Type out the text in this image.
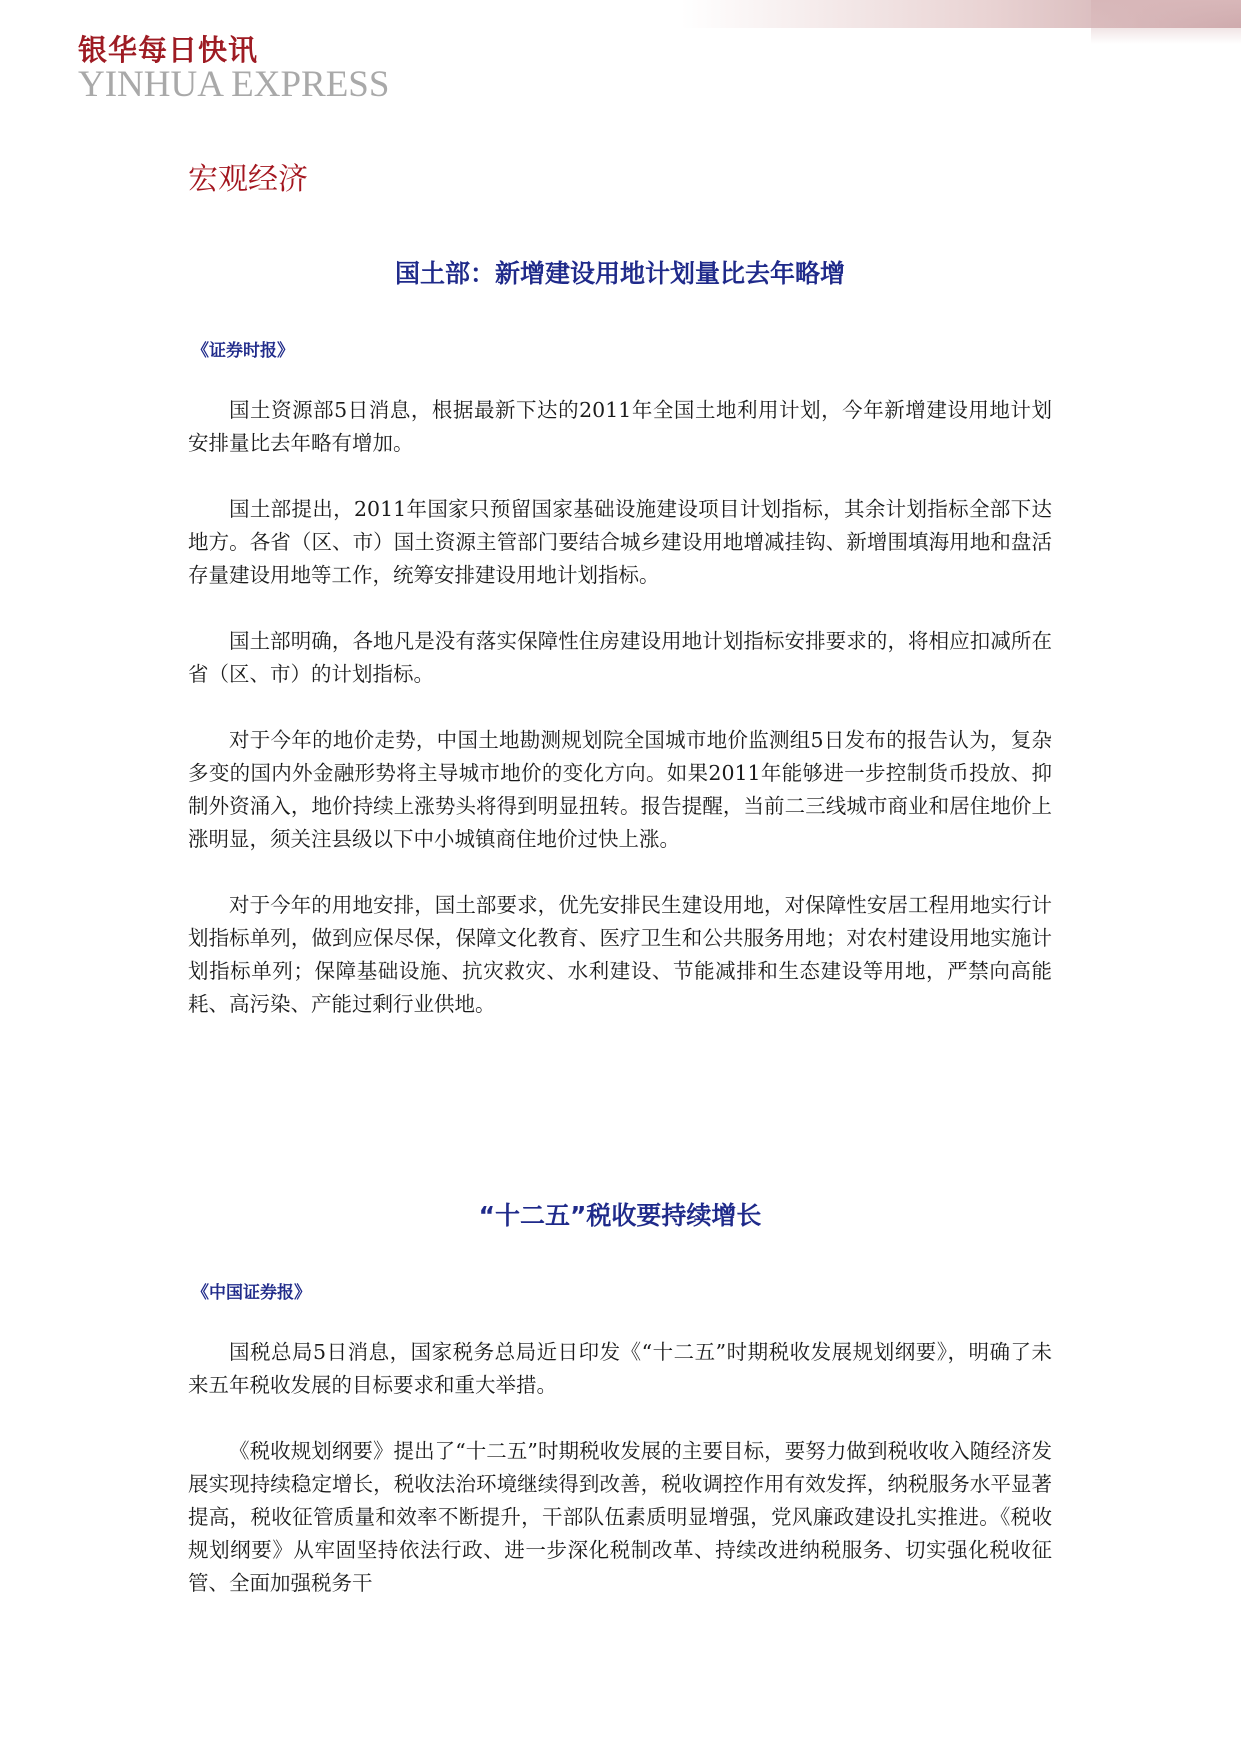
银华每日快讯
YINHUA EXPRESS
宏观经济
国土部：新增建设用地计划量比去年略增
《证券时报》

国土资源部5日消息，根据最新下达的2011年全国土地利用计划，今年新增建设用地计划安排量比去年略有增加。

国土部提出，2011年国家只预留国家基础设施建设项目计划指标，其余计划指标全部下达地方。各省（区、市）国土资源主管部门要结合城乡建设用地增减挂钩、新增围填海用地和盘活存量建设用地等工作，统筹安排建设用地计划指标。

国土部明确，各地凡是没有落实保障性住房建设用地计划指标安排要求的，将相应扣减所在省（区、市）的计划指标。

对于今年的地价走势，中国土地勘测规划院全国城市地价监测组5日发布的报告认为，复杂多变的国内外金融形势将主导城市地价的变化方向。如果2011年能够进一步控制货币投放、抑制外资涌入，地价持续上涨势头将得到明显扭转。报告提醒，当前二三线城市商业和居住地价上涨明显，须关注县级以下中小城镇商住地价过快上涨。

对于今年的用地安排，国土部要求，优先安排民生建设用地，对保障性安居工程用地实行计划指标单列，做到应保尽保，保障文化教育、医疗卫生和公共服务用地；对农村建设用地实施计划指标单列；保障基础设施、抗灾救灾、水利建设、节能减排和生态建设等用地，严禁向高能耗、高污染、产能过剩行业供地。

“十二五”税收要持续增长
《中国证券报》

国税总局5日消息，国家税务总局近日印发《“十二五”时期税收发展规划纲要》，明确了未来五年税收发展的目标要求和重大举措。

《税收规划纲要》提出了“十二五”时期税收发展的主要目标，要努力做到税收收入随经济发展实现持续稳定增长，税收法治环境继续得到改善，税收调控作用有效发挥，纳税服务水平显著提高，税收征管质量和效率不断提升，干部队伍素质明显增强，党风廉政建设扎实推进。《税收规划纲要》从牢固坚持依法行政、进一步深化税制改革、持续改进纳税服务、切实强化税收征管、全面加强税务干
